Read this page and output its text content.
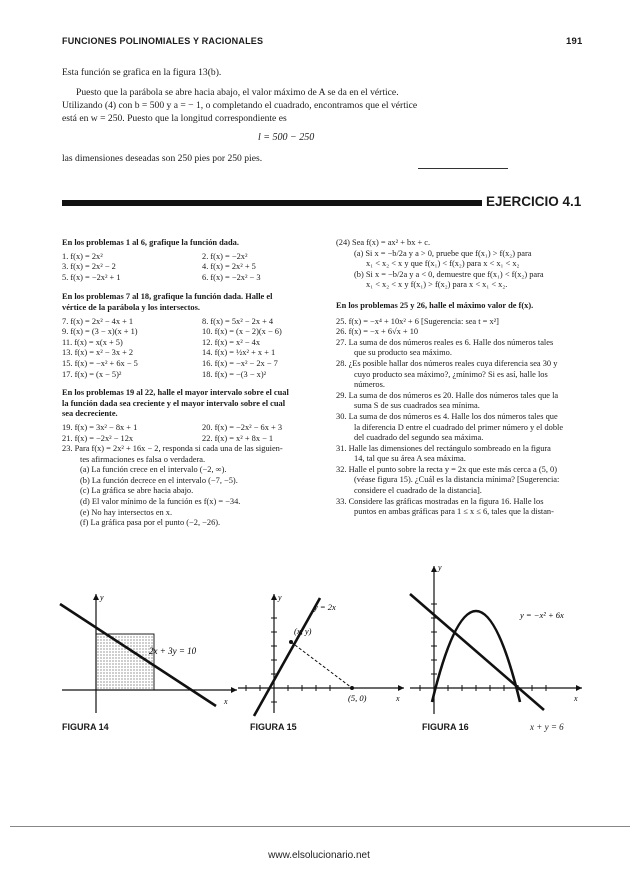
FUNCIONES POLINOMIALES Y RACIONALES	191
Esta función se grafica en la figura 13(b).
Puesto que la parábola se abre hacia abajo, el valor máximo de A se da en el vértice.
Utilizando (4) con b = 500 y a = − 1, o completando el cuadrado, encontramos que el vértice
está en w = 250. Puesto que la longitud correspondiente es
l = 500 − 250
las dimensiones deseadas son 250 pies por 250 pies.
EJERCICIO 4.1

En los problemas 1 al 6, grafique la función dada.

1. f(x) = 2x²	2. f(x) = −2x²
3. f(x) = 2x² − 2	4. f(x) = 2x² + 5
5. f(x) = −2x² + 1	6. f(x) = −2x² − 3

En los problemas 7 al 18, grafique la función dada. Halle el

vértice de la parábola y los intersectos.

7. f(x) = 2x² − 4x + 1	8. f(x) = 5x² − 2x + 4
9. f(x) = (3 − x)(x + 1)	10. f(x) = (x − 2)(x − 6)
11. f(x) = x(x + 5)	12. f(x) = x² − 4x
13. f(x) = x² − 3x + 2	14. f(x) = ½x² + x + 1
15. f(x) = −x² + 6x − 5	16. f(x) = −x² − 2x − 7
17. f(x) = (x − 5)²	18. f(x) = −(3 − x)²

En los problemas 19 al 22, halle el mayor intervalo sobre el cual

la función dada sea creciente y el mayor intervalo sobre el cual

sea decreciente.

19. f(x) = 3x² − 8x + 1	20. f(x) = −2x² − 6x + 3
21. f(x) = −2x² − 12x	22. f(x) = x² + 8x − 1

23. Para f(x) = 2x² + 16x − 2, responda si cada una de las siguien-

tes afirmaciones es falsa o verdadera.

(a) La función crece en el intervalo (−2, ∞).

(b) La función decrece en el intervalo (−7, −5).

(c) La gráfica se abre hacia abajo.

(d) El valor mínimo de la función es f(x) = −34.

(e) No hay intersectos en x.

(f) La gráfica pasa por el punto (−2, −26).

(24) Sea f(x) = ax² + bx + c.

(a) Si x = −b/2a y a > 0, pruebe que f(x₁) > f(x₂) para

x₁ < x₂ < x y que f(x₁) < f(x₂) para x < x₁ < x₂

(b) Si x = −b/2a y a < 0, demuestre que f(x₁) < f(x₂) para

x₁ < x₂ < x y f(x₁) > f(x₂) para x < x₁ < x₂.

En los problemas 25 y 26, halle el máximo valor de f(x).

25. f(x) = −x⁴ + 10x² + 6 [Sugerencia: sea t = x²]

26. f(x) = −x + 6√x + 10

27. La suma de dos números reales es 6. Halle dos números tales

que su producto sea máximo.

28. ¿Es posible hallar dos números reales cuya diferencia sea 30 y

cuyo producto sea máximo?, ¿mínimo? Si es así, halle los

números.

29. La suma de dos números es 20. Halle dos números tales que la

suma S de sus cuadrados sea mínima.

30. La suma de dos números es 4. Halle los dos números tales que

la diferencia D entre el cuadrado del primer número y el doble

del cuadrado del segundo sea máxima.

31. Halle las dimensiones del rectángulo sombreado en la figura

14, tal que su área A sea máxima.

32. Halle el punto sobre la recta y = 2x que este más cerca a (5, 0)

(véase figura 15). ¿Cuál es la distancia mínima? [Sugerencia:

considere el cuadrado de la distancia].

33. Considere las gráficas mostradas en la figura 16. Halle los

puntos en ambas gráficas para 1 ≤ x ≤ 6, tales que la distan-

2x + 3y = 10
y
x
FIGURA 14
y = 2x
(x, y)
(5, 0)
y
x
FIGURA 15
y = −x² + 6x
y
x
FIGURA 16	x + y = 6
www.elsolucionario.net
